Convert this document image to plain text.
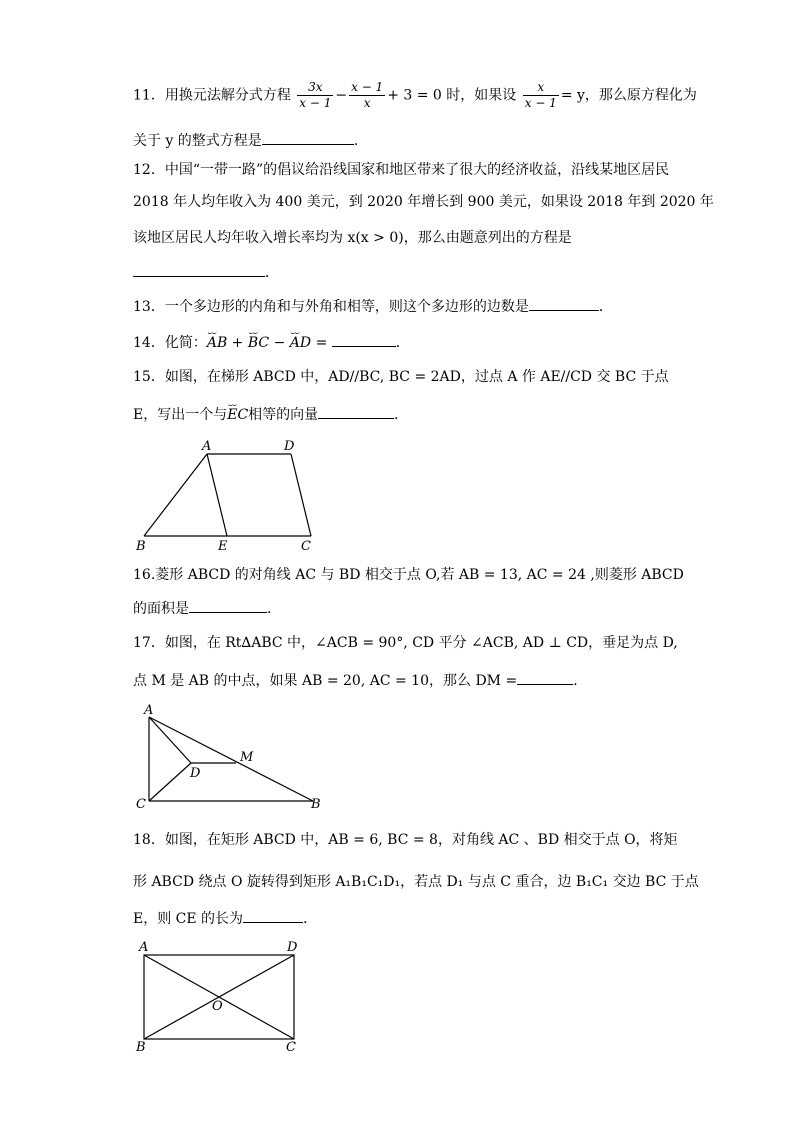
11．用换元法解分式方程 $\frac{3x}{x - 1} - \frac{x - 1}{x} + 3 = 0$ 时，如果设 $\frac{x}{x - 1} = y$，那么原方程化为
关于 y 的整式方程是	．
12．中国“一带一路”的倡议给沿线国家和地区带来了很大的经济收益，沿线某地区居民
2018 年人均年收入为 400 美元，到 2020 年增长到 900 美元，如果设 2018 年到 2020 年
该地区居民人均年收入增长率均为 x(x > 0)，那么由题意列出的方程是
．
13．一个多边形的内角和与外角和相等，则这个多边形的边数是	．
14．化简：⌣⌣ AB + ⌣⌣ BC − ⌣⌣ AD =	．
15．如图，在梯形 ABCD 中，AD//BC, BC = 2AD，过点 A 作 AE//CD 交 BC 于点
E，写出一个与⌣⌣ EC相等的向量	．
A	D
B	E	C
16.菱形 ABCD 的对角线 AC 与 BD 相交于点 O,若 AB = 13, AC = 24 ,则菱形 ABCD
的面积是	．
17．如图，在 Rt∆ABC 中，∠ACB = 90°, CD 平分 ∠ACB, AD ⊥ CD，垂足为点 D,
点 M 是 AB 的中点，如果 AB = 20, AC = 10，那么 DM =	．
A
M
D
C	B
18．如图，在矩形 ABCD 中，AB = 6, BC = 8，对角线 AC 、BD 相交于点 O，将矩
形 ABCD 绕点 O 旋转得到矩形 A₁B₁C₁D₁，若点 D₁ 与点 C 重合，边 B₁C₁ 交边 BC 于点
E，则 CE 的长为	．
A	D
O
B	C
